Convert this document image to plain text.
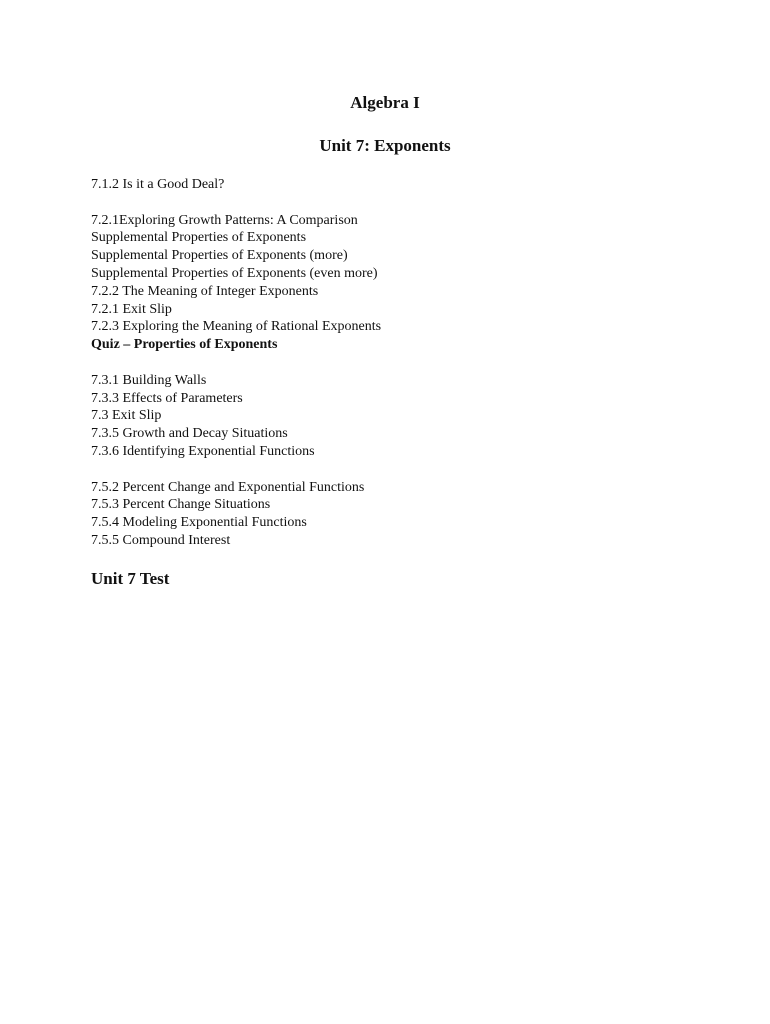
Algebra I
Unit 7: Exponents
7.1.2 Is it a Good Deal?
7.2.1Exploring Growth Patterns: A Comparison
Supplemental Properties of Exponents
Supplemental Properties of Exponents (more)
Supplemental Properties of Exponents (even more)
7.2.2 The Meaning of Integer Exponents
7.2.1 Exit Slip
7.2.3 Exploring the Meaning of Rational Exponents
Quiz – Properties of Exponents
7.3.1 Building Walls
7.3.3 Effects of Parameters
7.3 Exit Slip
7.3.5 Growth and Decay Situations
7.3.6 Identifying Exponential Functions
7.5.2 Percent Change and Exponential Functions
7.5.3 Percent Change Situations
7.5.4 Modeling Exponential Functions
7.5.5 Compound Interest
Unit 7 Test
